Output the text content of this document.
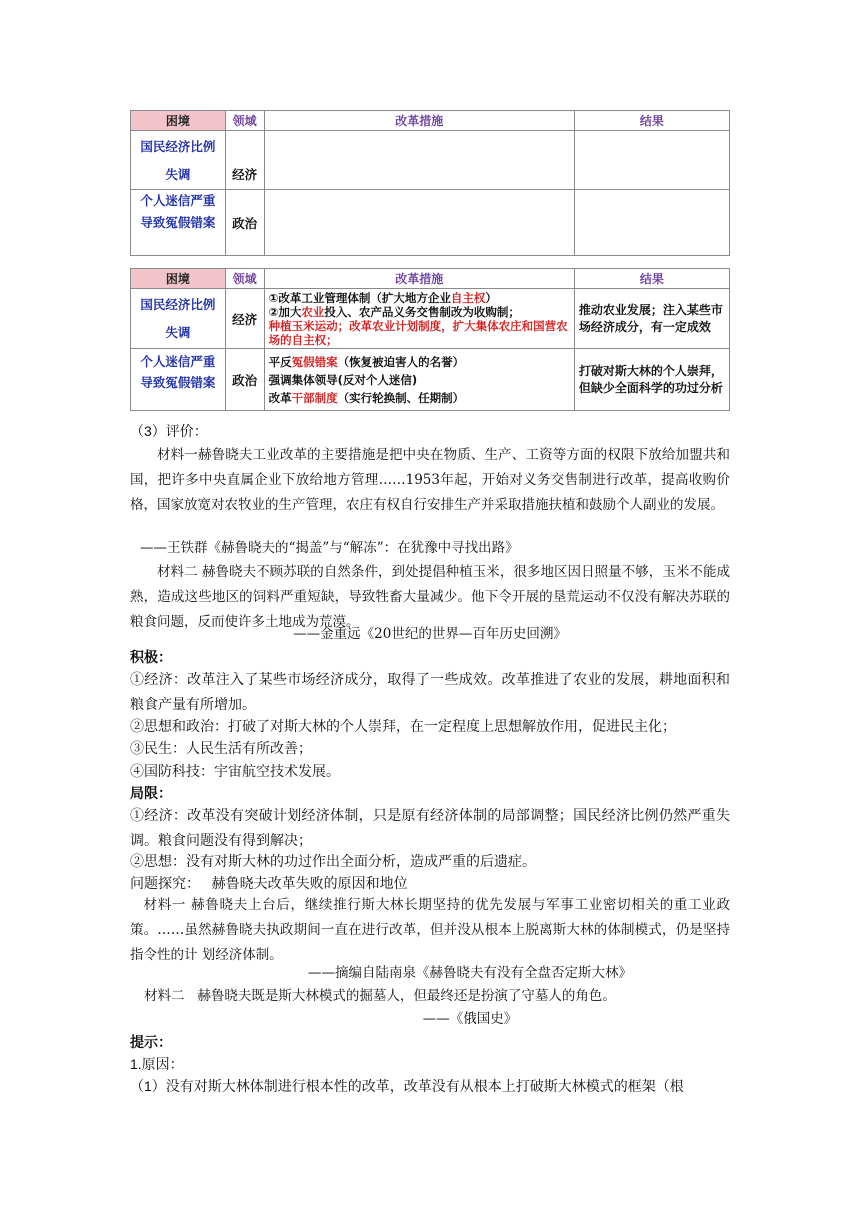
困境	领域	改革措施	结果
国民经济比例失调	经济		
个人迷信严重导致冤假错案	政治		
困境	领域	改革措施	结果
国民经济比例失调	经济	①改革工业管理体制（扩大地方企业自主权）
②加大农业投入、农产品义务交售制改为收购制；
种植玉米运动；改革农业计划制度，扩大集体农庄和国营农场的自主权；	推动农业发展；注入某些市场经济成分，有一定成效
个人迷信严重导致冤假错案	政治	平反冤假错案（恢复被迫害人的名誉）
强调集体领导(反对个人迷信)
改革干部制度（实行轮换制、任期制）	打破对斯大林的个人崇拜，但缺少全面科学的功过分析
（3）评价：
材料一赫鲁晓夫工业改革的主要措施是把中央在物质、生产、工资等方面的权限下放给加盟共和国，把许多中央直属企业下放给地方管理……1953年起，开始对义务交售制进行改革，提高收购价格，国家放宽对农牧业的生产管理，农庄有权自行安排生产并采取措施扶植和鼓励个人副业的发展。
——王铁群《赫鲁晓夫的“揭盖”与“解冻”：在犹豫中寻找出路》
材料二 赫鲁晓夫不顾苏联的自然条件，到处提倡种植玉米，很多地区因日照量不够，玉米不能成熟，造成这些地区的饲料严重短缺，导致牲畜大量减少。他下令开展的垦荒运动不仅没有解决苏联的粮食问题，反而使许多土地成为荒漠。
——金重远《20世纪的世界—百年历史回溯》
积极：
①经济：改革注入了某些市场经济成分，取得了一些成效。改革推进了农业的发展，耕地面积和粮食产量有所增加。
②思想和政治：打破了对斯大林的个人崇拜，在一定程度上思想解放作用，促进民主化；
③民生：人民生活有所改善；
④国防科技：宇宙航空技术发展。
局限：
①经济：改革没有突破计划经济体制，只是原有经济体制的局部调整；国民经济比例仍然严重失调。粮食问题没有得到解决；
②思想：没有对斯大林的功过作出全面分析，造成严重的后遗症。
问题探究：   赫鲁晓夫改革失败的原因和地位
材料一 赫鲁晓夫上台后，继续推行斯大林长期坚持的优先发展与军事工业密切相关的重工业政策。……虽然赫鲁晓夫执政期间一直在进行改革，但并没从根本上脱离斯大林的体制模式，仍是坚持指令性的计 划经济体制。
——摘编自陆南泉《赫鲁晓夫有没有全盘否定斯大林》
材料二   赫鲁晓夫既是斯大林模式的掘墓人，但最终还是扮演了守墓人的角色。
——《俄国史》
提示：
1.原因：
（1）没有对斯大林体制进行根本性的改革，改革没有从根本上打破斯大林模式的框架（根
